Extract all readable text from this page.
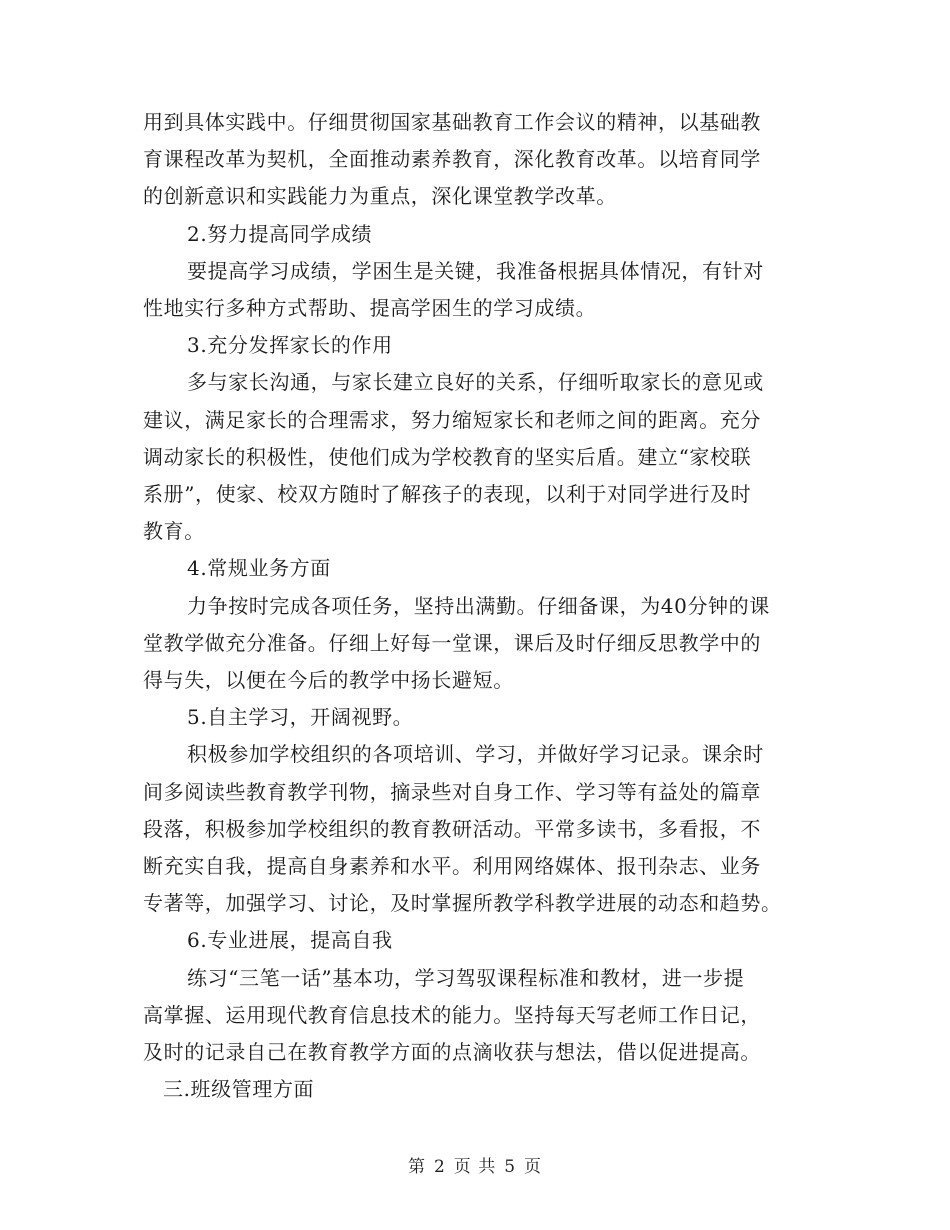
用到具体实践中。仔细贯彻国家基础教育工作会议的精神，以基础教
育课程改革为契机，全面推动素养教育，深化教育改革。以培育同学
的创新意识和实践能力为重点，深化课堂教学改革。
2.努力提高同学成绩
要提高学习成绩，学困生是关键，我准备根据具体情况，有针对
性地实行多种方式帮助、提高学困生的学习成绩。
3.充分发挥家长的作用
多与家长沟通，与家长建立良好的关系，仔细听取家长的意见或
建议，满足家长的合理需求，努力缩短家长和老师之间的距离。充分
调动家长的积极性，使他们成为学校教育的坚实后盾。建立“家校联
系册”，使家、校双方随时了解孩子的表现，以利于对同学进行及时
教育。
4.常规业务方面
力争按时完成各项任务，坚持出满勤。仔细备课，为40分钟的课
堂教学做充分准备。仔细上好每一堂课，课后及时仔细反思教学中的
得与失，以便在今后的教学中扬长避短。
5.自主学习，开阔视野。
积极参加学校组织的各项培训、学习，并做好学习记录。课余时
间多阅读些教育教学刊物，摘录些对自身工作、学习等有益处的篇章
段落，积极参加学校组织的教育教研活动。平常多读书，多看报，不
断充实自我，提高自身素养和水平。利用网络媒体、报刊杂志、业务
专著等，加强学习、讨论，及时掌握所教学科教学进展的动态和趋势。
6.专业进展，提高自我
练习“三笔一话”基本功，学习驾驭课程标准和教材，进一步提
高掌握、运用现代教育信息技术的能力。坚持每天写老师工作日记，
及时的记录自己在教育教学方面的点滴收获与想法，借以促进提高。
三.班级管理方面
第 2 页 共 5 页
